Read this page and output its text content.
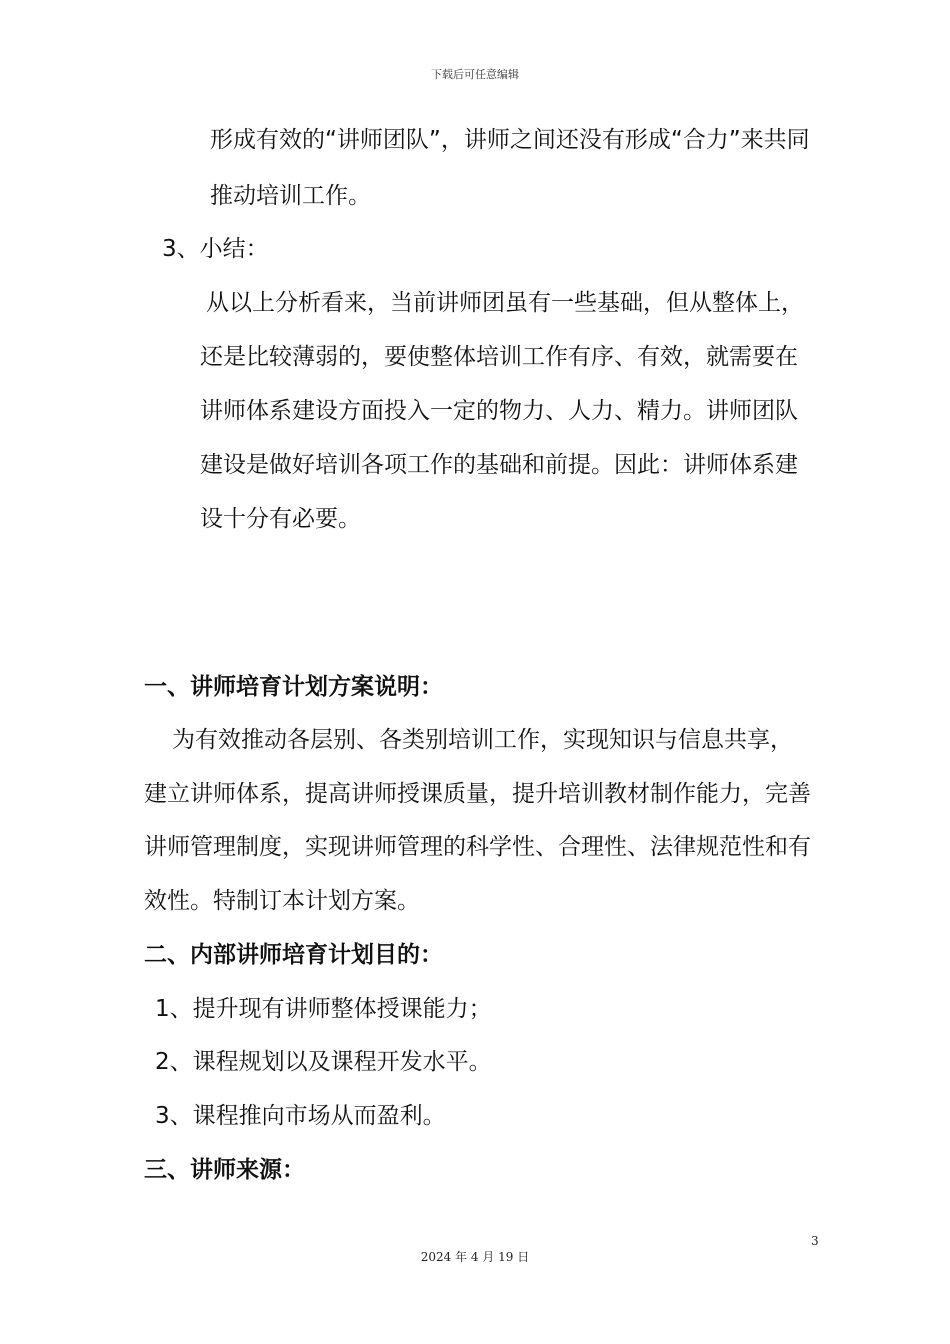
下载后可任意编辑
形成有效的“讲师团队”，讲师之间还没有形成“合力”来共同
推动培训工作。
3、小结：
从以上分析看来，当前讲师团虽有一些基础，但从整体上，
还是比较薄弱的，要使整体培训工作有序、有效，就需要在
讲师体系建设方面投入一定的物力、人力、精力。讲师团队
建设是做好培训各项工作的基础和前提。因此：讲师体系建
设十分有必要。
一、讲师培育计划方案说明：
为有效推动各层别、各类别培训工作，实现知识与信息共享，
建立讲师体系，提高讲师授课质量，提升培训教材制作能力，完善
讲师管理制度，实现讲师管理的科学性、合理性、法律规范性和有
效性。特制订本计划方案。
二、内部讲师培育计划目的：
1、提升现有讲师整体授课能力；
2、课程规划以及课程开发水平。
3、课程推向市场从而盈利。
三、讲师来源：
3
2024 年 4 月 19 日
